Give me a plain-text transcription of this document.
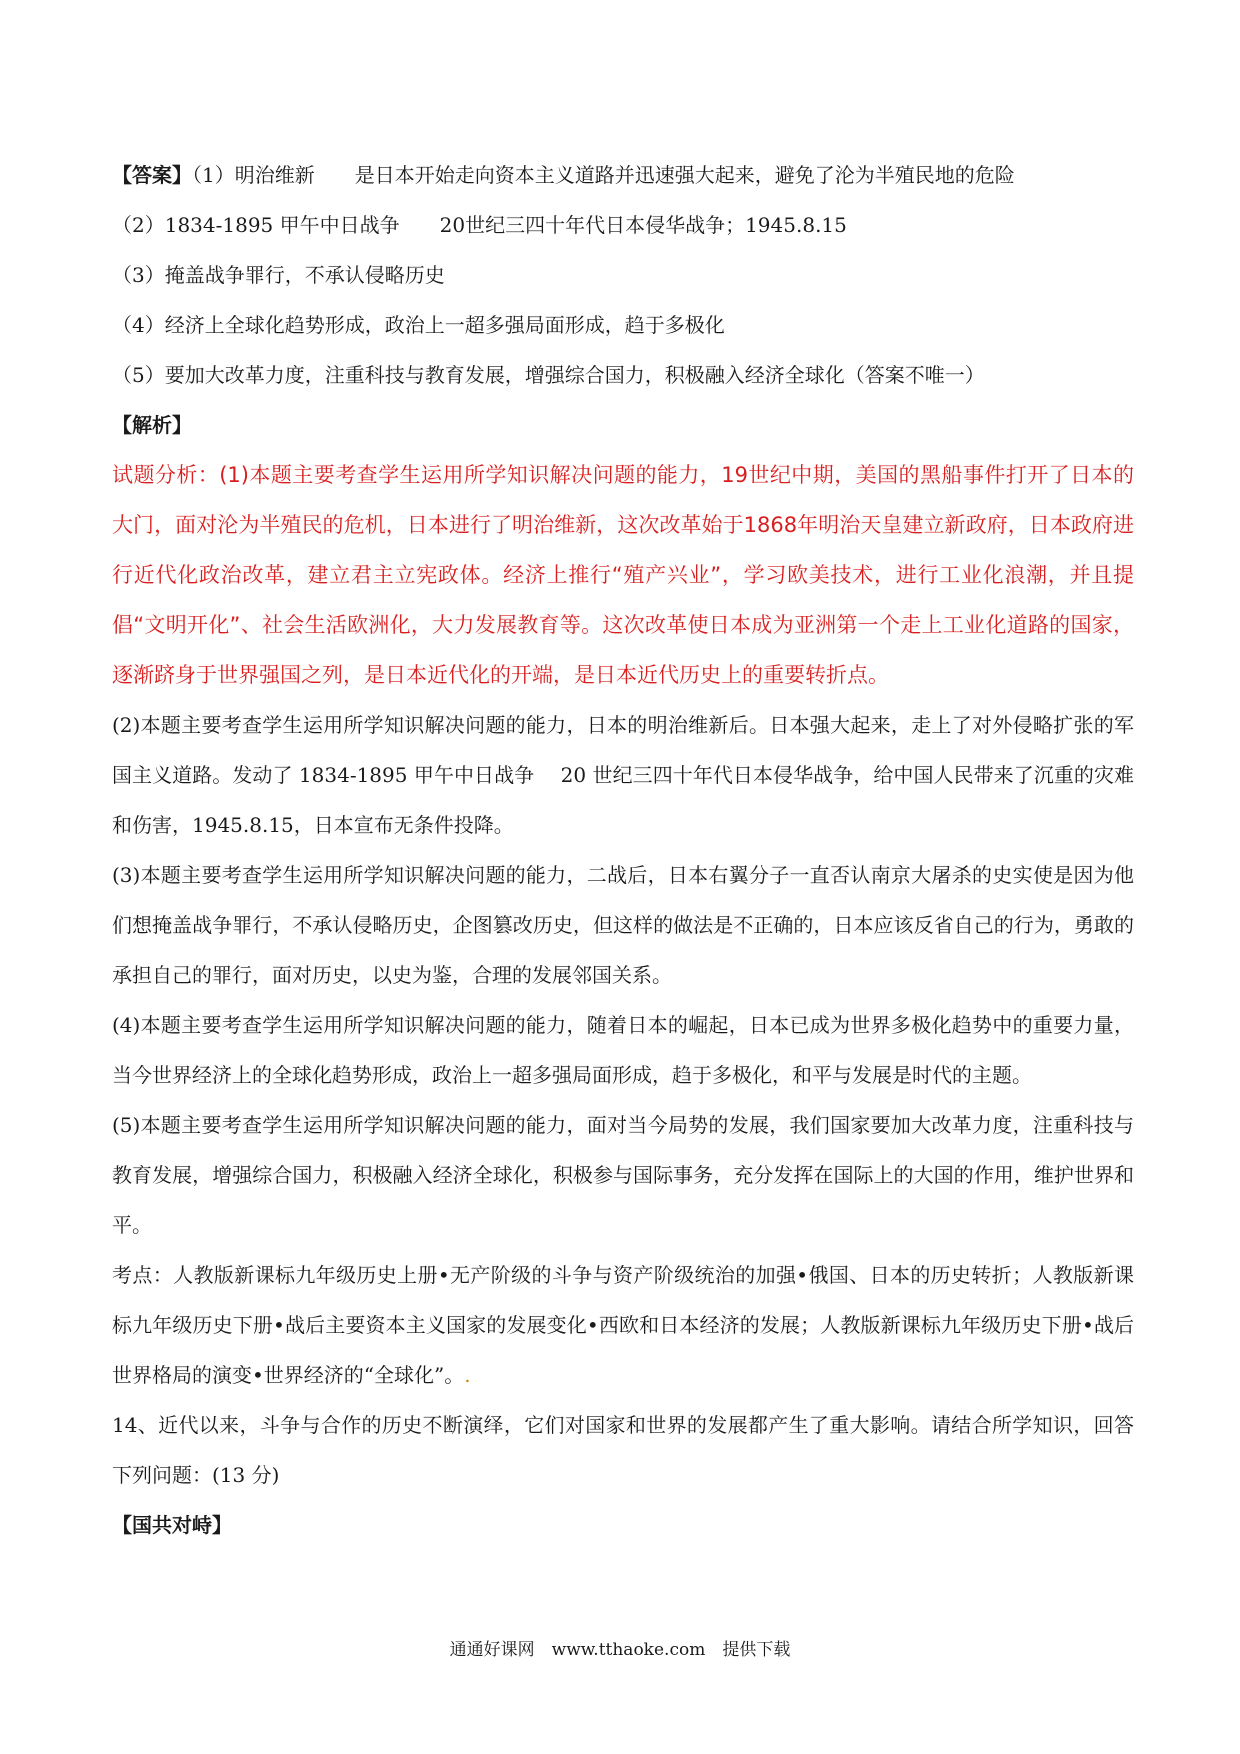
【答案】（1）明治维新　　是日本开始走向资本主义道路并迅速强大起来，避免了沦为半殖民地的危险

（2）1834-1895 甲午中日战争　　20世纪三四十年代日本侵华战争；1945.8.15

（3）掩盖战争罪行，不承认侵略历史

（4）经济上全球化趋势形成，政治上一超多强局面形成，趋于多极化

（5）要加大改革力度，注重科技与教育发展，增强综合国力，积极融入经济全球化（答案不唯一）

【解析】

试题分析：(1)本题主要考查学生运用所学知识解决问题的能力，19世纪中期，美国的黑船事件打开了日本的大门，面对沦为半殖民的危机，日本进行了明治维新，这次改革始于1868年明治天皇建立新政府，日本政府进行近代化政治改革，建立君主立宪政体。经济上推行“殖产兴业”，学习欧美技术，进行工业化浪潮，并且提倡“文明开化”、社会生活欧洲化，大力发展教育等。这次改革使日本成为亚洲第一个走上工业化道路的国家，逐渐跻身于世界强国之列，是日本近代化的开端，是日本近代历史上的重要转折点。

(2)本题主要考查学生运用所学知识解决问题的能力，日本的明治维新后。日本强大起来，走上了对外侵略扩张的军国主义道路。发动了 1834-1895 甲午中日战争　 20 世纪三四十年代日本侵华战争，给中国人民带来了沉重的灾难和伤害，1945.8.15，日本宣布无条件投降。

(3)本题主要考查学生运用所学知识解决问题的能力，二战后，日本右翼分子一直否认南京大屠杀的史实使是因为他们想掩盖战争罪行，不承认侵略历史，企图篡改历史，但这样的做法是不正确的，日本应该反省自己的行为，勇敢的承担自己的罪行，面对历史，以史为鉴，合理的发展邻国关系。

(4)本题主要考查学生运用所学知识解决问题的能力，随着日本的崛起，日本已成为世界多极化趋势中的重要力量，当今世界经济上的全球化趋势形成，政治上一超多强局面形成，趋于多极化，和平与发展是时代的主题。

(5)本题主要考查学生运用所学知识解决问题的能力，面对当今局势的发展，我们国家要加大改革力度，注重科技与教育发展，增强综合国力，积极融入经济全球化，积极参与国际事务，充分发挥在国际上的大国的作用，维护世界和平。

考点：人教版新课标九年级历史上册•无产阶级的斗争与资产阶级统治的加强•俄国、日本的历史转折；人教版新课标九年级历史下册•战后主要资本主义国家的发展变化•西欧和日本经济的发展；人教版新课标九年级历史下册•战后世界格局的演变•世界经济的“全球化”。.

14、近代以来，斗争与合作的历史不断演绎，它们对国家和世界的发展都产生了重大影响。请结合所学知识，回答下列问题：(13 分)

【国共对峙】

通通好课网　www.tthaoke.com　提供下载
